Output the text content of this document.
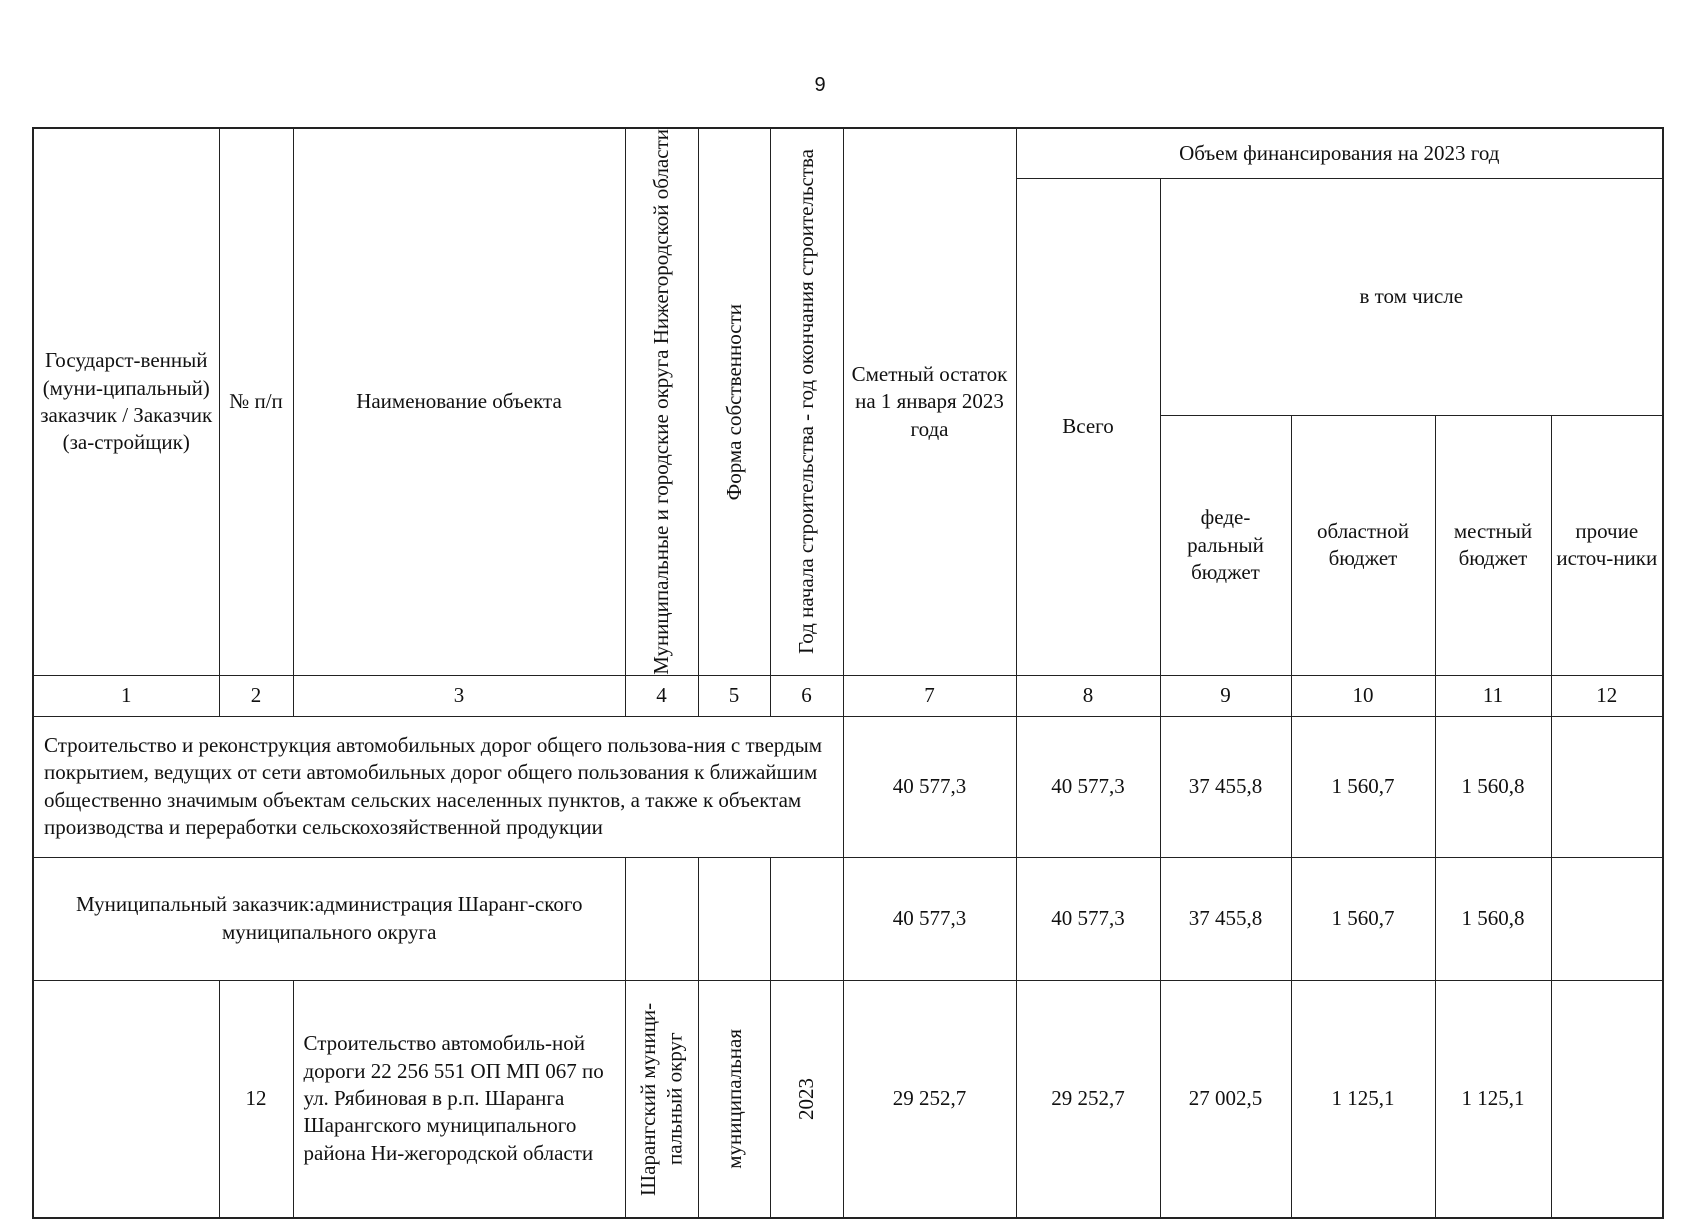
9
Государст-венный (муни-ципальный) заказчик / Заказчик (за-стройщик)	№ п/п	Наименование объекта	Муниципальные и городские округа Нижегородской области	Форма собственности	Год начала строительства - год окончания строительства	Сметный остаток на 1 января 2023 года	Объем финансирования на 2023 год				
							Всего	в том числе			
								феде-ральный бюджет	областной бюджет	местный бюджет	прочие источ-ники
1	2	3	4	5	6	7	8	9	10	11	12
Строительство и реконструкция автомобильных дорог общего пользова-ния с твердым покрытием, ведущих от сети автомобильных дорог общего пользования к ближайшим общественно значимым объектам сельских населенных пунктов, а также к объектам производства и переработки сельскохозяйственной продукции						40 577,3	40 577,3	37 455,8	1 560,7	1 560,8	
Муниципальный заказчик:администрация Шаранг-ского муниципального округа						40 577,3	40 577,3	37 455,8	1 560,7	1 560,8	
	12	Строительство автомобиль-ной дороги 22 256 551 ОП МП 067 по ул. Рябиновая в р.п. Шаранга Шарангского муниципального района Ни-жегородской области	Шарангский муници-пальный округ	муниципальная	2023	29 252,7	29 252,7	27 002,5	1 125,1	1 125,1	
